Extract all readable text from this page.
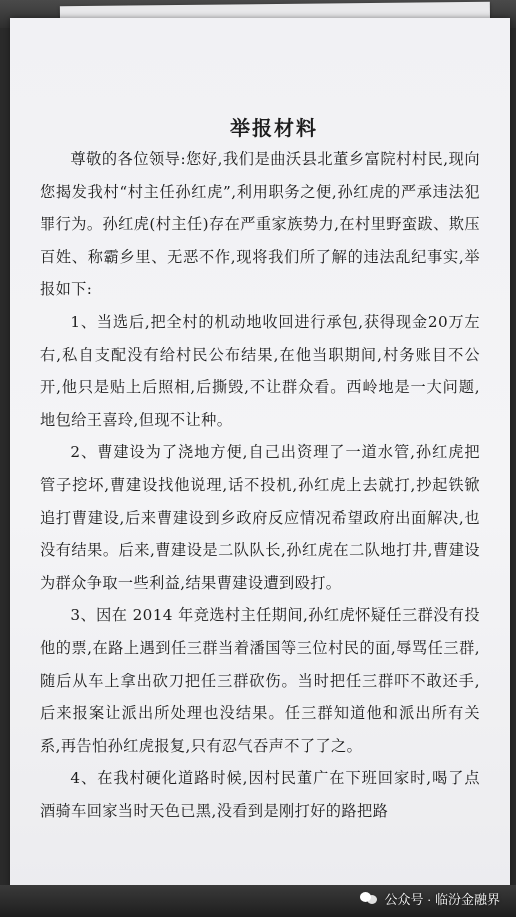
举报材料

尊敬的各位领导:您好,我们是曲沃县北董乡富院村村民,现向您揭发我村“村主任孙红虎”,利用职务之便,孙红虎的严承违法犯罪行为。孙红虎(村主任)存在严重家族势力,在村里野蛮跋、欺压百姓、称霸乡里、无恶不作,现将我们所了解的违法乱纪事实,举报如下:

1、当选后,把全村的机动地收回进行承包,获得现金20万左右,私自支配没有给村民公布结果,在他当职期间,村务账目不公开,他只是贴上后照相,后撕毁,不让群众看。西岭地是一大问题,地包给王喜玲,但现不让种。

2、曹建设为了浇地方便,自己出资理了一道水管,孙红虎把管子挖坏,曹建设找他说理,话不投机,孙红虎上去就打,抄起铁锨追打曹建设,后来曹建设到乡政府反应情况希望政府出面解决,也没有结果。后来,曹建设是二队队长,孙红虎在二队地打井,曹建设为群众争取一些利益,结果曹建设遭到殴打。

3、因在 2014 年竞选村主任期间,孙红虎怀疑任三群没有投他的票,在路上遇到任三群当着潘国等三位村民的面,辱骂任三群,随后从车上拿出砍刀把任三群砍伤。当时把任三群吓不敢还手,后来报案让派出所处理也没结果。任三群知道他和派出所有关系,再告怕孙红虎报复,只有忍气吞声不了了之。

4、在我村硬化道路时候,因村民董广在下班回家时,喝了点酒骑车回家当时天色已黑,没看到是刚打好的路把路

公众号 · 临汾金融界
